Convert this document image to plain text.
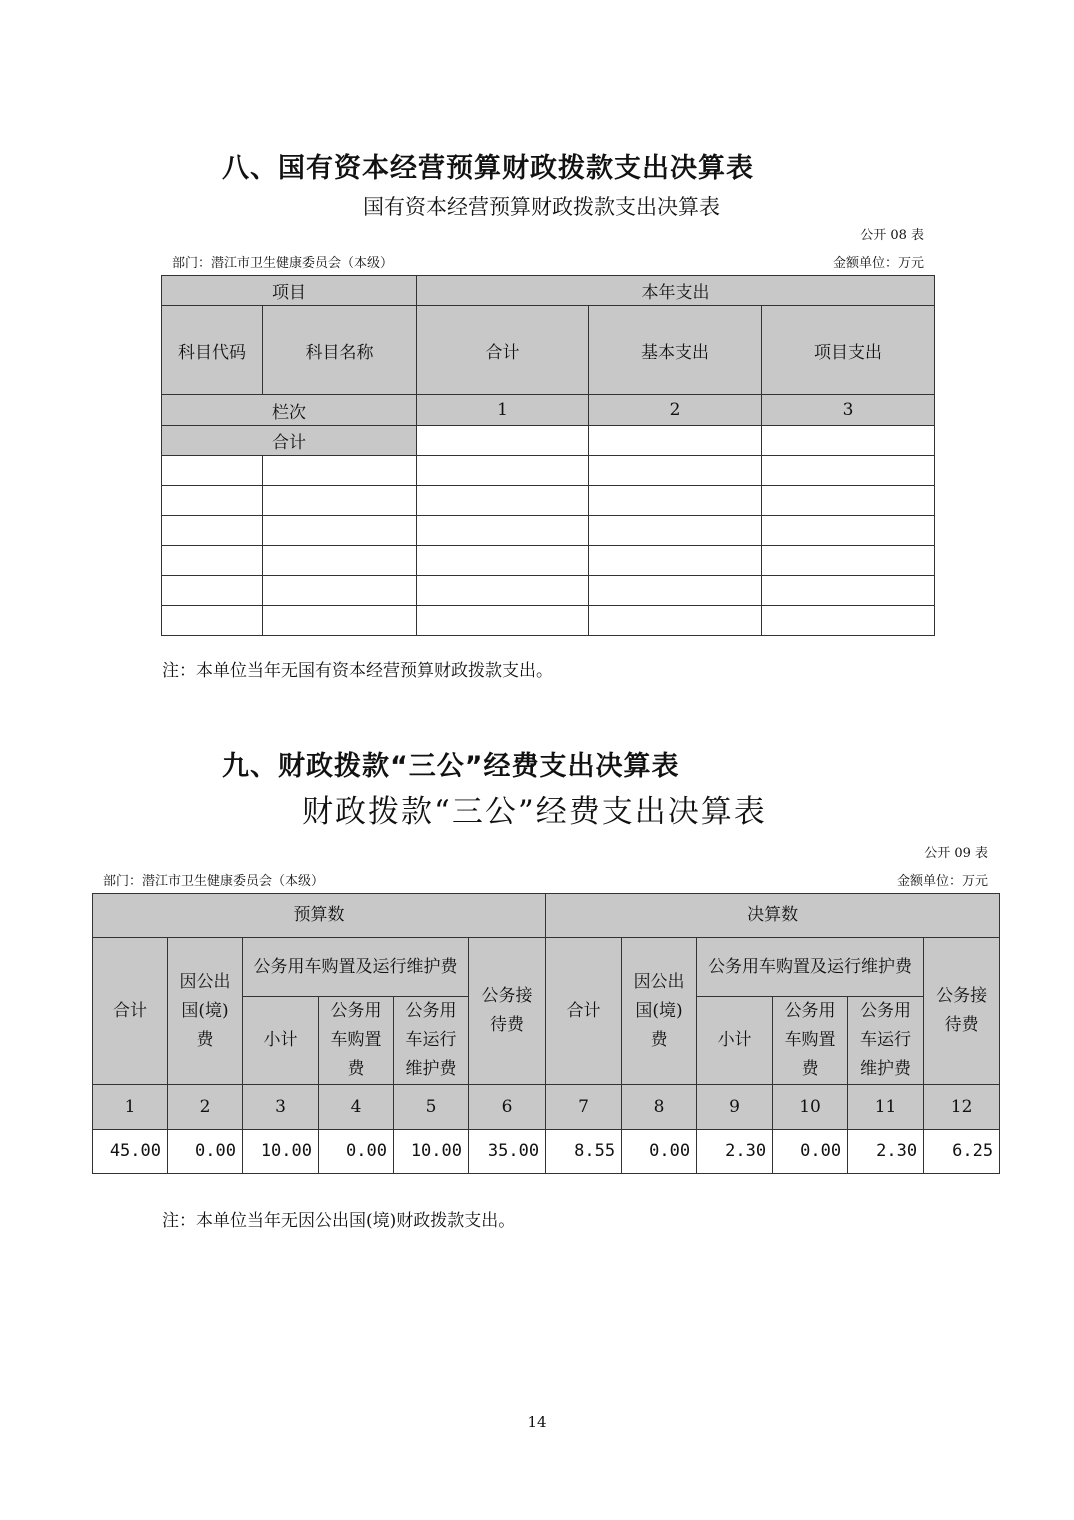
八、国有资本经营预算财政拨款支出决算表
国有资本经营预算财政拨款支出决算表
公开 08 表
部门：潜江市卫生健康委员会（本级）	金额单位：万元
项目		本年支出		
科目代码	科目名称	合计	基本支出	项目支出
栏次		1	2	3
合计				

注：本单位当年无国有资本经营预算财政拨款支出。
九、财政拨款“三公”经费支出决算表
财政拨款“三公”经费支出决算表
公开 09 表
部门：潜江市卫生健康委员会（本级）	金额单位：万元
预算数						决算数					
合计	因公出国(境)费	公务用车购置及运行维护费			公务接待费	合计	因公出国(境)费	公务用车购置及运行维护费			公务接待费
		小计	公务用车购置费	公务用车运行维护费				小计	公务用车购置费	公务用车运行维护费	
1	2	3	4	5	6	7	8	9	10	11	12
45.00	0.00	10.00	0.00	10.00	35.00	8.55	0.00	2.30	0.00	2.30	6.25
注：本单位当年无因公出国(境)财政拨款支出。
14
